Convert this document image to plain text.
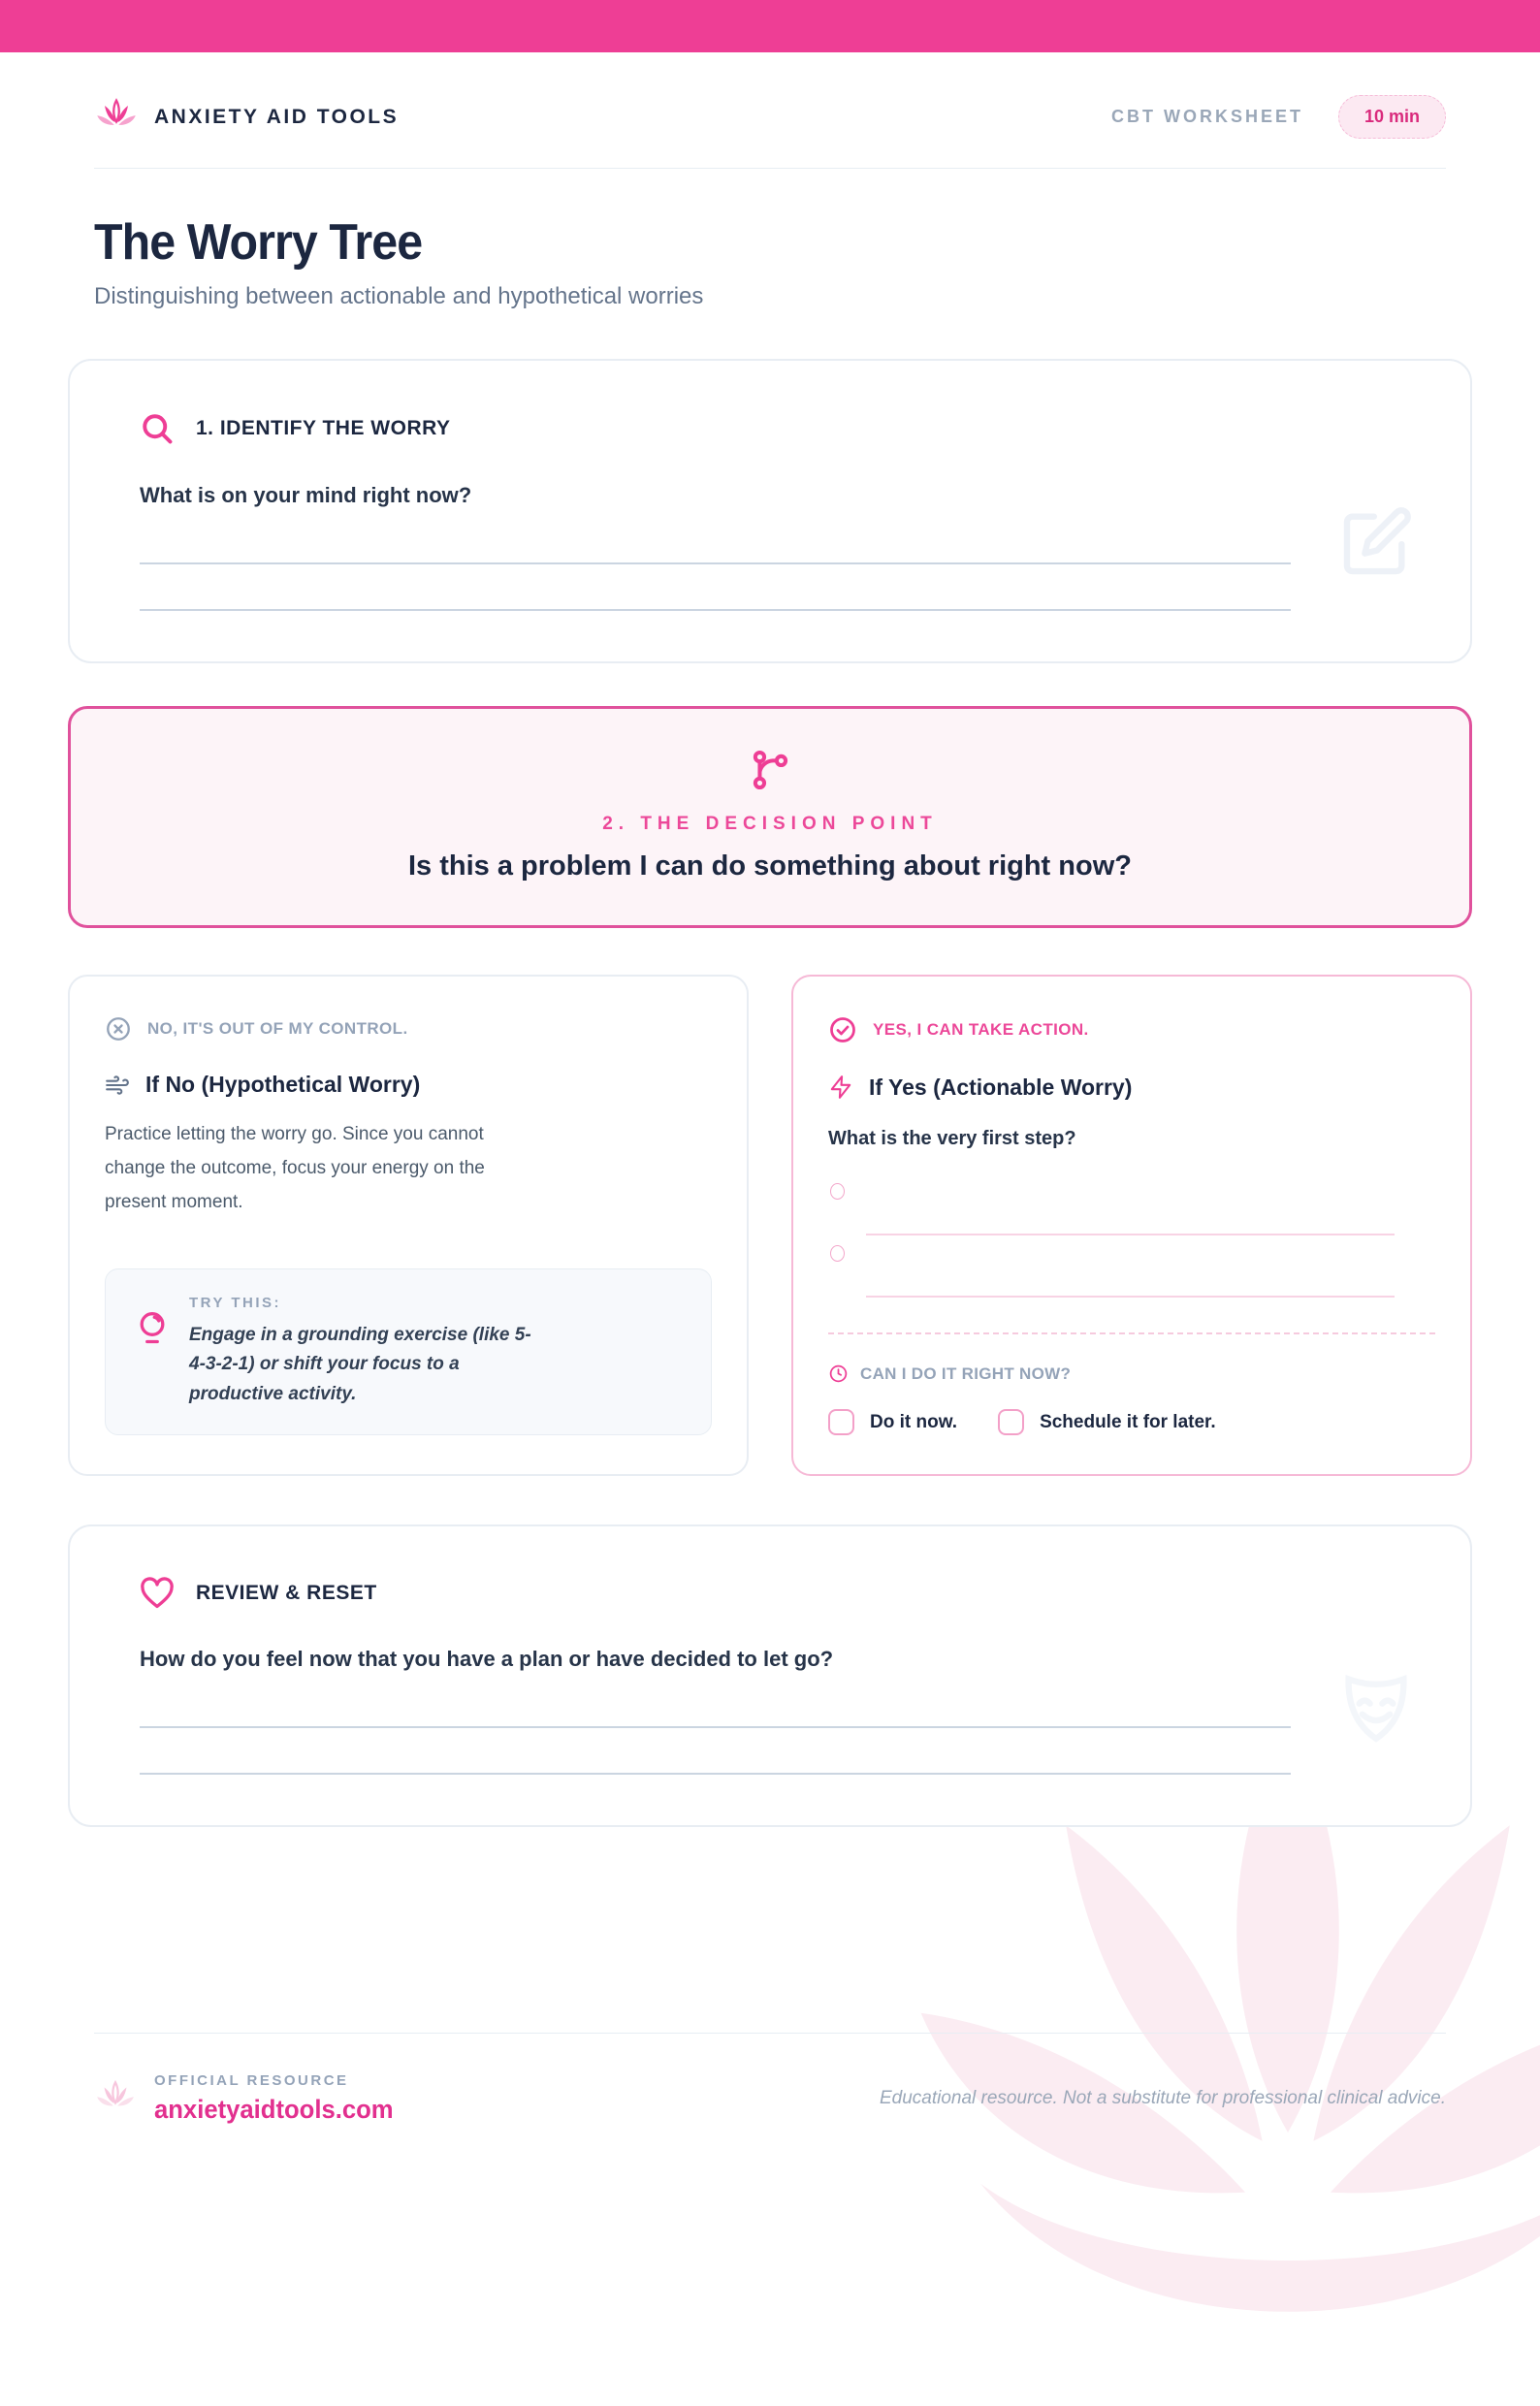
ANXIETY AID TOOLS	CBT WORKSHEET	10 min
The Worry Tree
Distinguishing between actionable and hypothetical worries
1. IDENTIFY THE WORRY
What is on your mind right now?
2. THE DECISION POINT
Is this a problem I can do something about right now?
NO, IT'S OUT OF MY CONTROL.
If No (Hypothetical Worry)
Practice letting the worry go. Since you cannot change the outcome, focus your energy on the present moment.
TRY THIS:
Engage in a grounding exercise (like 5-4-3-2-1) or shift your focus to a productive activity.
YES, I CAN TAKE ACTION.
If Yes (Actionable Worry)
What is the very first step?
CAN I DO IT RIGHT NOW?
Do it now.	Schedule it for later.
REVIEW & RESET
How do you feel now that you have a plan or have decided to let go?
OFFICIAL RESOURCE
anxietyaidtools.com	Educational resource. Not a substitute for professional clinical advice.
